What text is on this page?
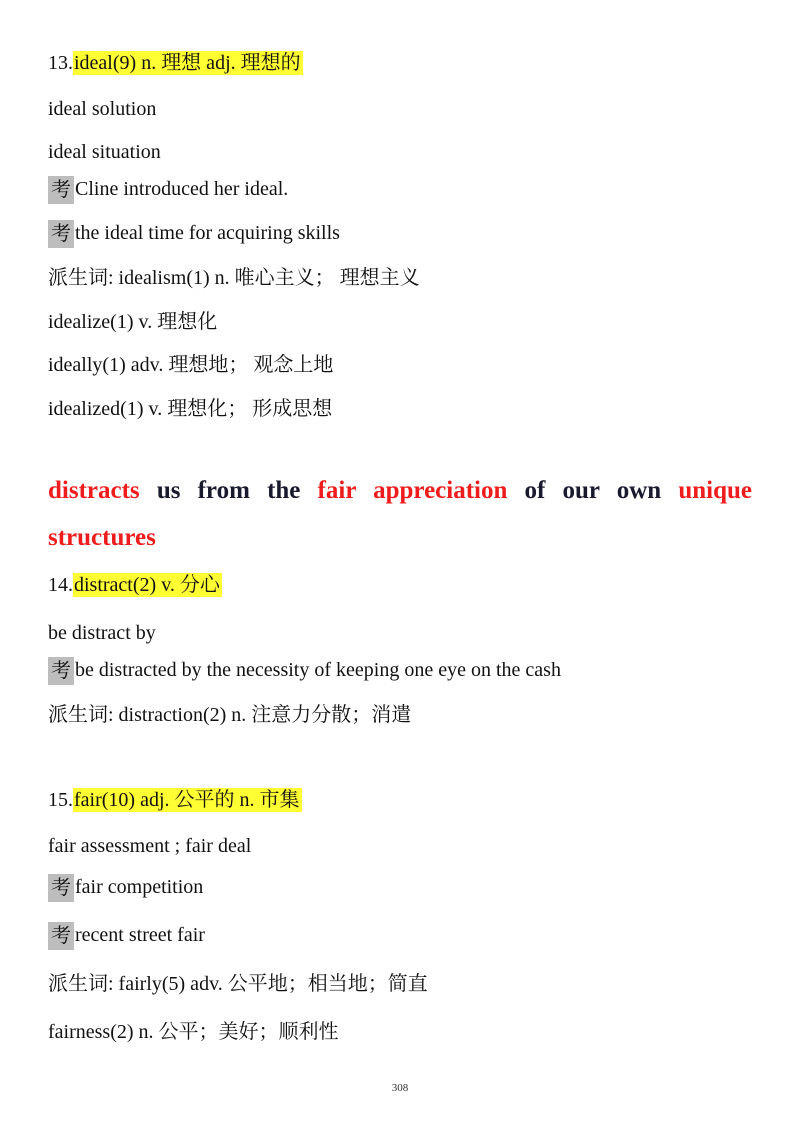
13.ideal(9) n. 理想 adj. 理想的
ideal solution
ideal situation
考 Cline introduced her ideal.
考 the ideal time for acquiring skills
派生词: idealism(1) n. 唯心主义； 理想主义
idealize(1) v. 理想化
ideally(1) adv. 理想地； 观念上地
idealized(1) v. 理想化； 形成思想
distracts us from the fair appreciation of our own unique
structures
14.distract(2) v. 分心
be distract by
考 be distracted by the necessity of keeping one eye on the cash
派生词: distraction(2) n. 注意力分散；消遣
15.fair(10) adj. 公平的 n. 市集
fair assessment ; fair deal
考 fair competition
考 recent street fair
派生词: fairly(5) adv. 公平地；相当地；简直
fairness(2) n. 公平；美好；顺利性
308
